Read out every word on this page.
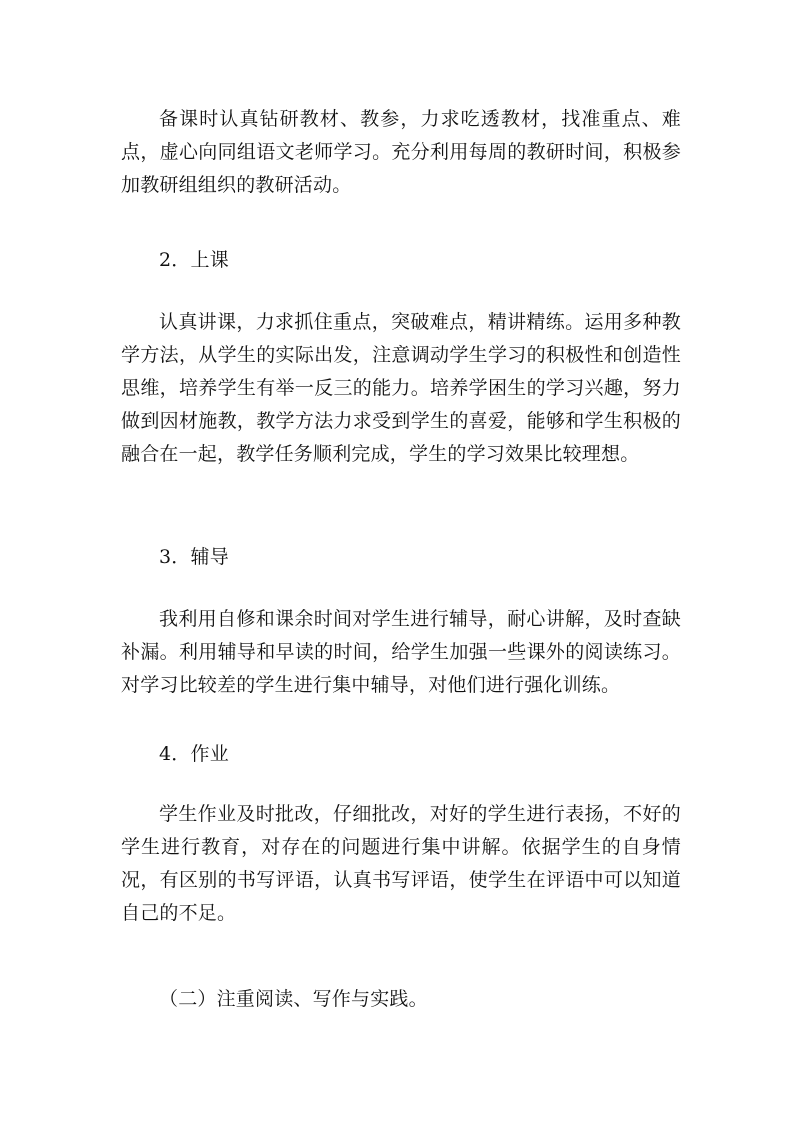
备课时认真钻研教材、教参，力求吃透教材，找准重点、难点，虚心向同组语文老师学习。充分利用每周的教研时间，积极参加教研组组织的教研活动。

2．上课

认真讲课，力求抓住重点，突破难点，精讲精练。运用多种教学方法，从学生的实际出发，注意调动学生学习的积极性和创造性思维，培养学生有举一反三的能力。培养学困生的学习兴趣，努力做到因材施教，教学方法力求受到学生的喜爱，能够和学生积极的融合在一起，教学任务顺利完成，学生的学习效果比较理想。

3．辅导

我利用自修和课余时间对学生进行辅导，耐心讲解，及时查缺补漏。利用辅导和早读的时间，给学生加强一些课外的阅读练习。对学习比较差的学生进行集中辅导，对他们进行强化训练。

4．作业

学生作业及时批改，仔细批改，对好的学生进行表扬，不好的学生进行教育，对存在的问题进行集中讲解。依据学生的自身情况，有区别的书写评语，认真书写评语，使学生在评语中可以知道自己的不足。

（二）注重阅读、写作与实践。
